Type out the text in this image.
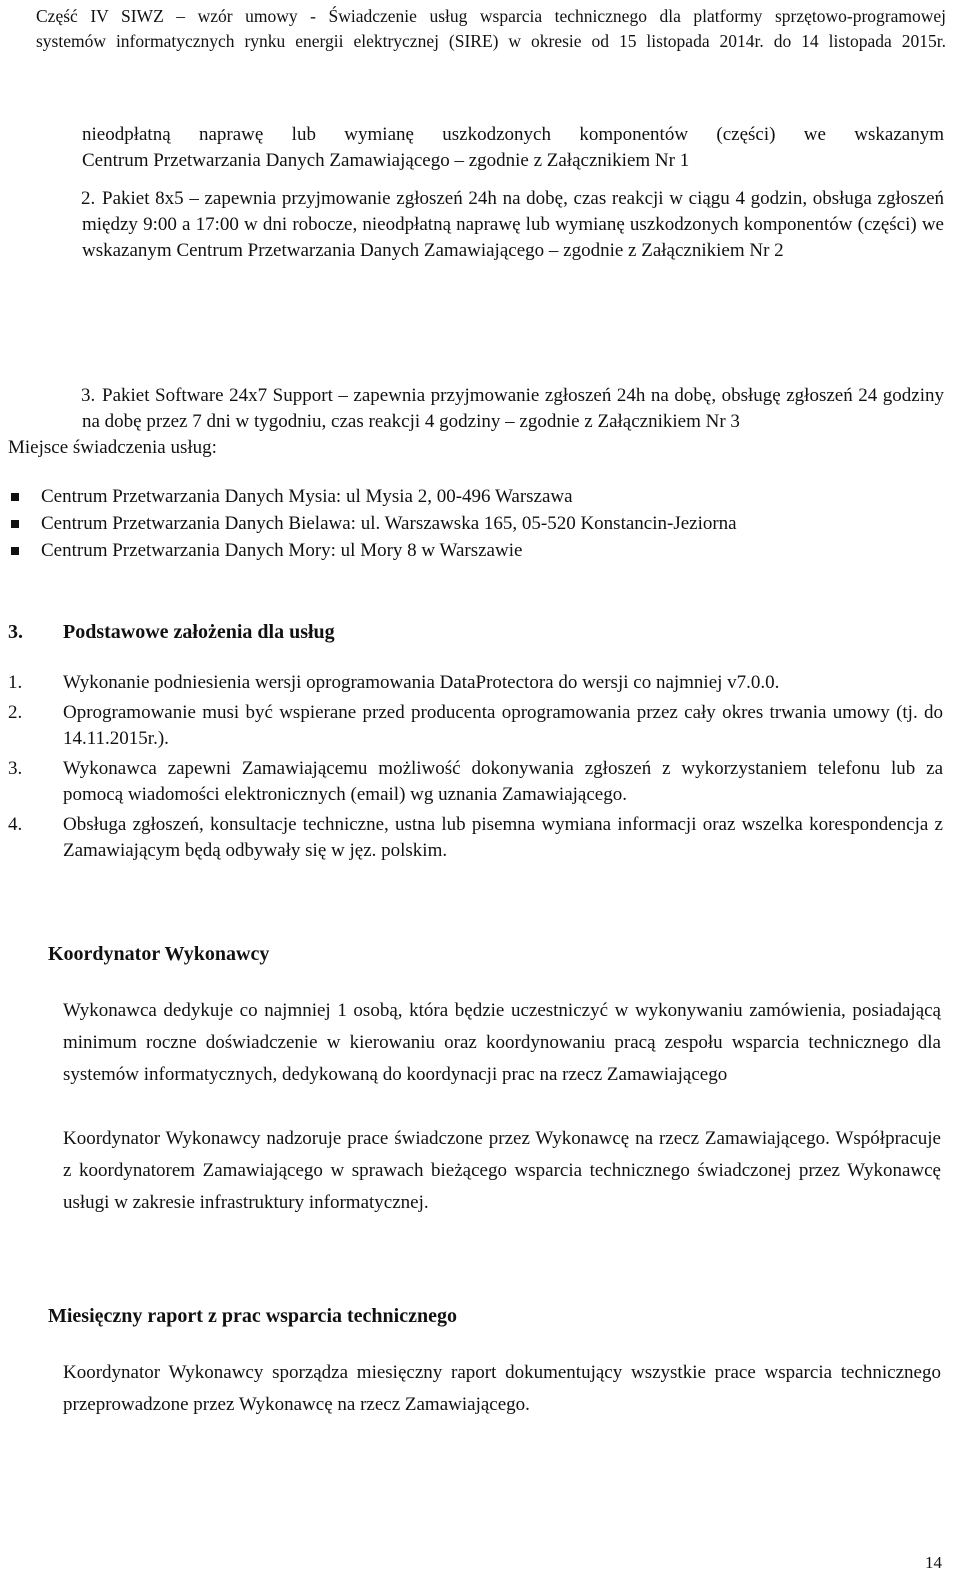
Część IV SIWZ – wzór umowy - Świadczenie usług wsparcia technicznego dla platformy sprzętowo-programowej
systemów informatycznych rynku energii elektrycznej (SIRE) w okresie od 15 listopada 2014r. do 14 listopada 2015r.
nieodpłatną naprawę lub wymianę uszkodzonych komponentów (części) we wskazanym
Centrum Przetwarzania Danych Zamawiającego – zgodnie z Załącznikiem Nr 1
2. Pakiet 8x5 – zapewnia przyjmowanie zgłoszeń 24h na dobę, czas reakcji w ciągu 4 godzin, obsługa zgłoszeń między 9:00 a 17:00 w dni robocze, nieodpłatną naprawę lub wymianę uszkodzonych komponentów (części) we wskazanym Centrum Przetwarzania Danych Zamawiającego – zgodnie z Załącznikiem Nr 2
3. Pakiet Software 24x7 Support – zapewnia przyjmowanie zgłoszeń 24h na dobę, obsługę zgłoszeń 24 godziny na dobę przez 7 dni w tygodniu, czas reakcji 4 godziny – zgodnie z Załącznikiem Nr 3
Miejsce świadczenia usług:
Centrum Przetwarzania Danych Mysia: ul Mysia 2, 00-496 Warszawa
Centrum Przetwarzania Danych Bielawa: ul. Warszawska 165, 05-520 Konstancin-Jeziorna
Centrum Przetwarzania Danych Mory: ul Mory 8 w Warszawie
3. Podstawowe założenia dla usług
1. Wykonanie podniesienia wersji oprogramowania DataProtectora do wersji co najmniej v7.0.0.
2. Oprogramowanie musi być wspierane przed producenta oprogramowania przez cały okres trwania umowy (tj. do 14.11.2015r.).
3. Wykonawca zapewni Zamawiającemu możliwość dokonywania zgłoszeń z wykorzystaniem telefonu lub za pomocą wiadomości elektronicznych (email) wg uznania Zamawiającego.
4. Obsługa zgłoszeń, konsultacje techniczne, ustna lub pisemna wymiana informacji oraz wszelka korespondencja z Zamawiającym będą odbywały się w jęz. polskim.
Koordynator Wykonawcy
Wykonawca dedykuje co najmniej 1 osobą, która będzie uczestniczyć w wykonywaniu zamówienia, posiadającą minimum roczne doświadczenie w kierowaniu oraz koordynowaniu pracą zespołu wsparcia technicznego dla systemów informatycznych, dedykowaną do koordynacji prac na rzecz Zamawiającego
Koordynator Wykonawcy nadzoruje prace świadczone przez Wykonawcę na rzecz Zamawiającego. Współpracuje z koordynatorem Zamawiającego w sprawach bieżącego wsparcia technicznego świadczonej przez Wykonawcę usługi w zakresie infrastruktury informatycznej.
Miesięczny raport z prac wsparcia technicznego
Koordynator Wykonawcy sporządza miesięczny raport dokumentujący wszystkie prace wsparcia technicznego przeprowadzone przez Wykonawcę na rzecz Zamawiającego.
14
